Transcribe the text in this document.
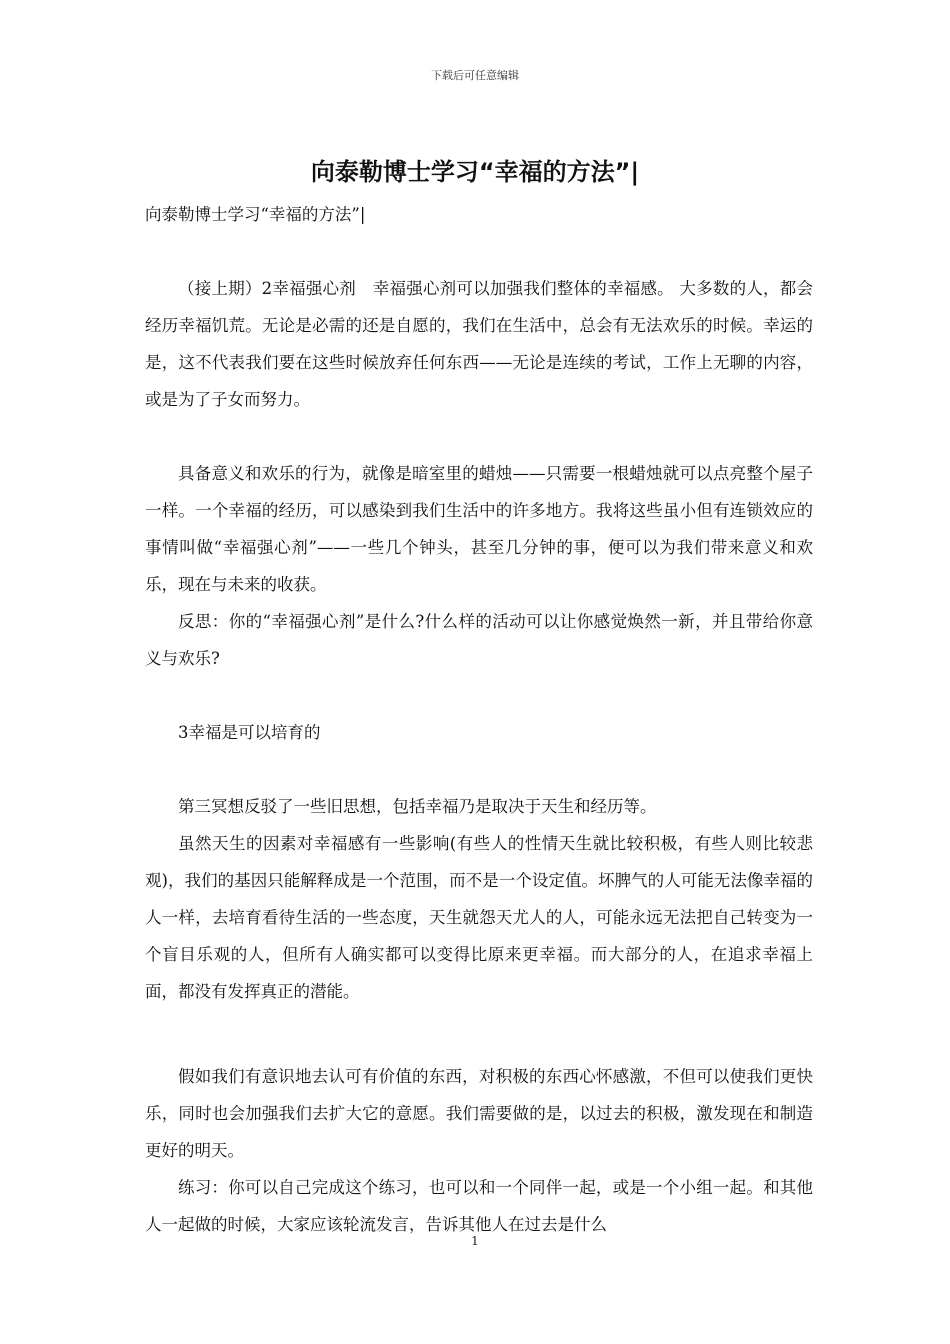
下载后可任意编辑
向泰勒博士学习“幸福的方法”|

向泰勒博士学习“幸福的方法”|

（接上期）2幸福强心剂　幸福强心剂可以加强我们整体的幸福感。 大多数的人，都会经历幸福饥荒。无论是必需的还是自愿的，我们在生活中，总会有无法欢乐的时候。幸运的是，这不代表我们要在这些时候放弃任何东西——无论是连续的考试，工作上无聊的内容，或是为了子女而努力。

具备意义和欢乐的行为，就像是暗室里的蜡烛——只需要一根蜡烛就可以点亮整个屋子一样。一个幸福的经历，可以感染到我们生活中的许多地方。我将这些虽小但有连锁效应的事情叫做“幸福强心剂”——一些几个钟头，甚至几分钟的事，便可以为我们带来意义和欢乐，现在与未来的收获。

反思：你的“幸福强心剂”是什么?什么样的活动可以让你感觉焕然一新，并且带给你意义与欢乐?

3幸福是可以培育的

第三冥想反驳了一些旧思想，包括幸福乃是取决于天生和经历等。

虽然天生的因素对幸福感有一些影响(有些人的性情天生就比较积极，有些人则比较悲观)，我们的基因只能解释成是一个范围，而不是一个设定值。坏脾气的人可能无法像幸福的人一样，去培育看待生活的一些态度，天生就怨天尤人的人，可能永远无法把自己转变为一个盲目乐观的人，但所有人确实都可以变得比原来更幸福。而大部分的人，在追求幸福上面，都没有发挥真正的潜能。

假如我们有意识地去认可有价值的东西，对积极的东西心怀感激，不但可以使我们更快乐，同时也会加强我们去扩大它的意愿。我们需要做的是，以过去的积极，激发现在和制造更好的明天。

练习：你可以自己完成这个练习，也可以和一个同伴一起，或是一个小组一起。和其他人一起做的时候，大家应该轮流发言，告诉其他人在过去是什么

1
